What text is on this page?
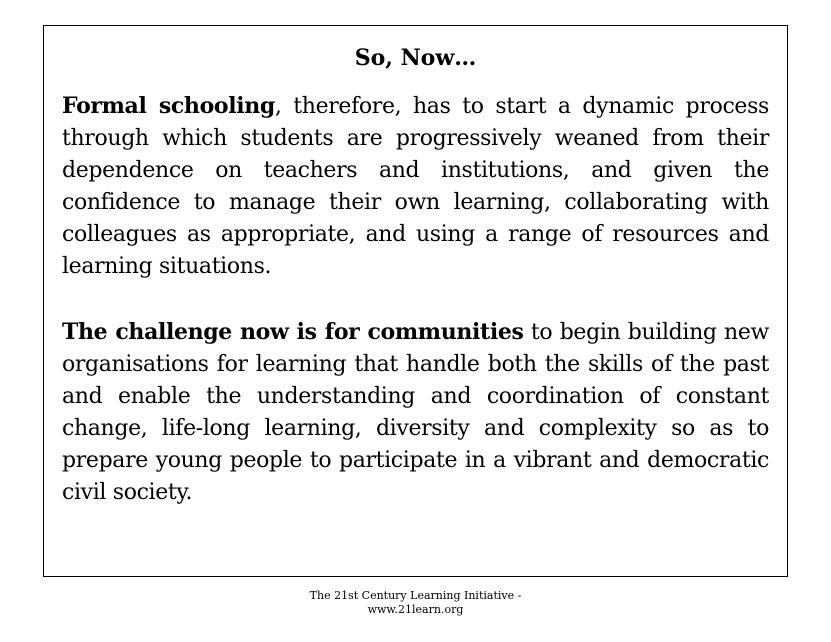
So, Now…

Formal schooling, therefore, has to start a dynamic process through which students are progressively weaned from their dependence on teachers and institutions, and given the confidence to manage their own learning, collaborating with colleagues as appropriate, and using a range of resources and learning situations.

The challenge now is for communities to begin building new organisations for learning that handle both the skills of the past and enable the understanding and coordination of constant change, life-long learning, diversity and complexity so as to prepare young people to participate in a vibrant and democratic civil society.

The 21st Century Learning Initiative -
www.21learn.org
